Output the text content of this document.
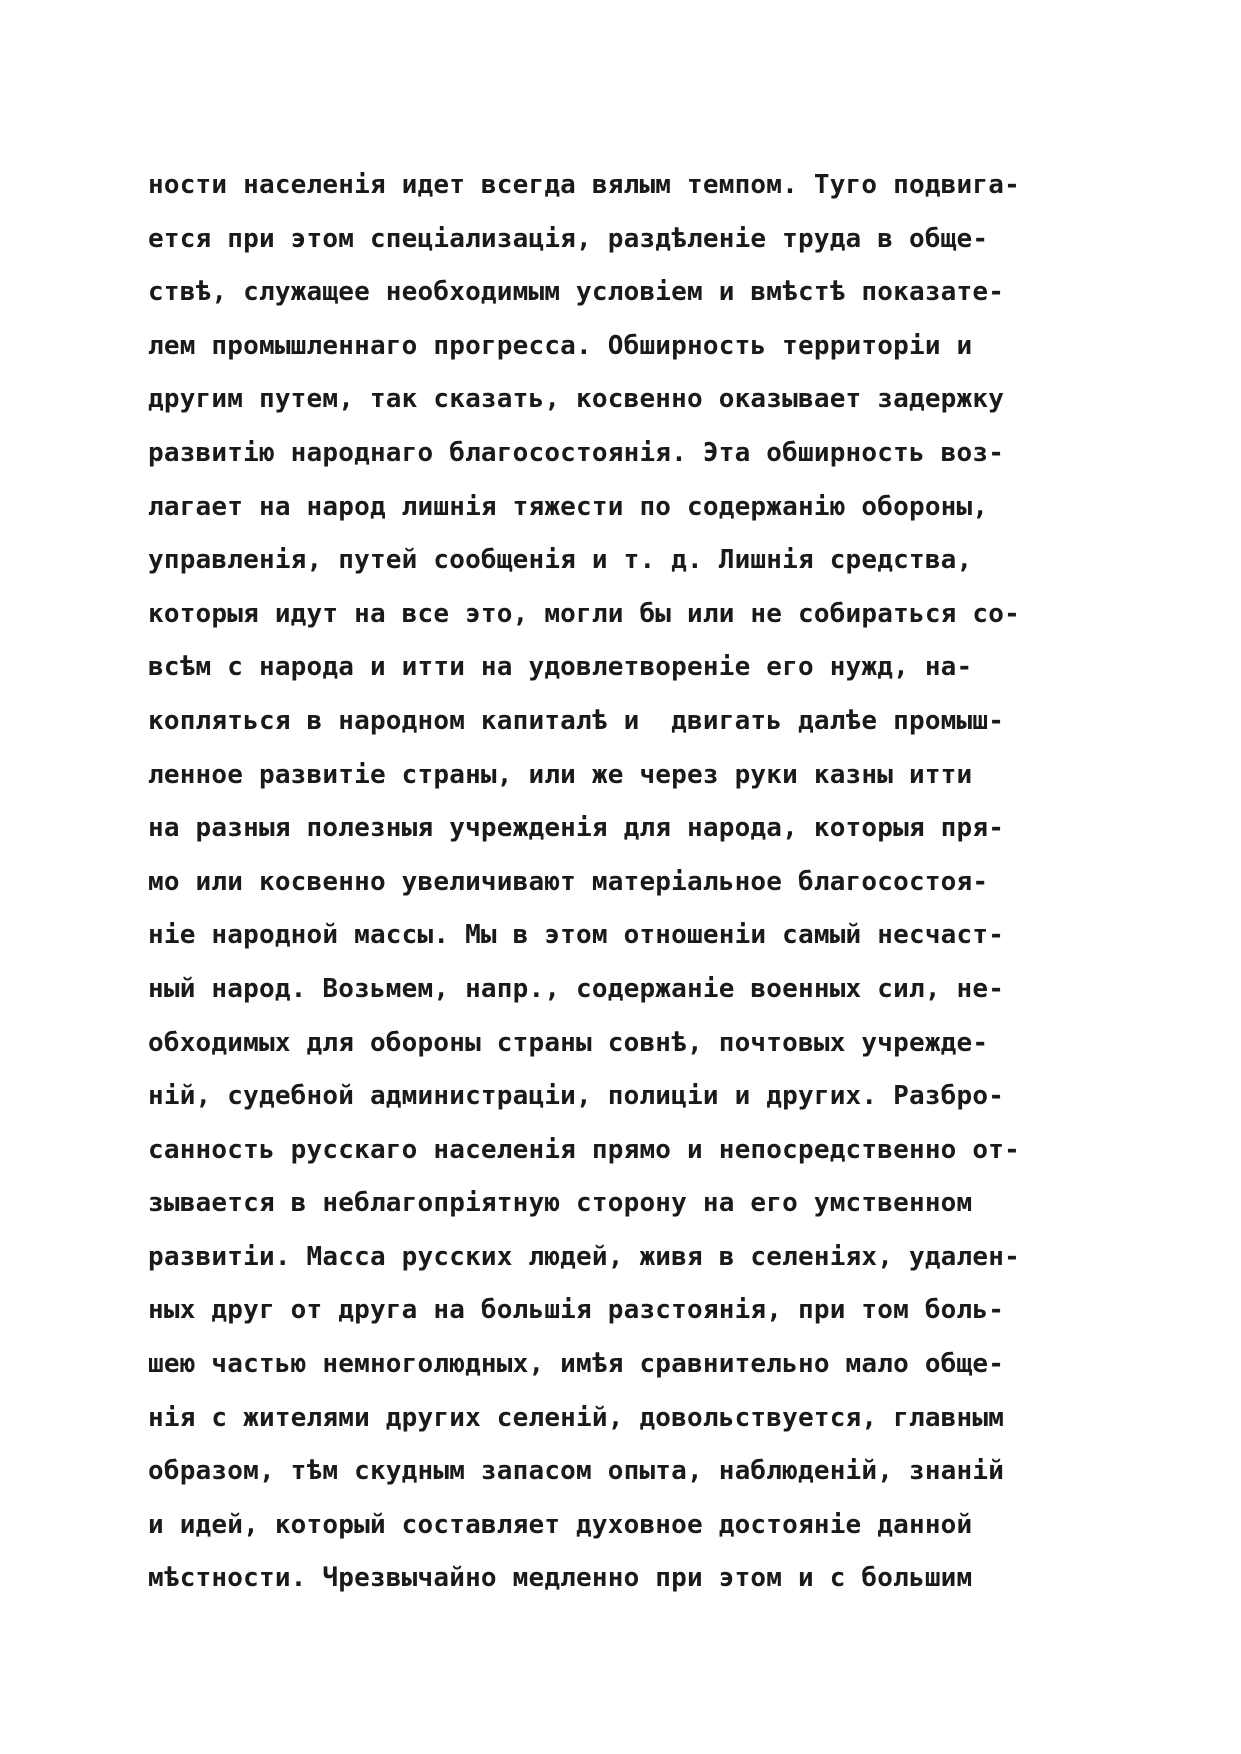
ности населенія идет всегда вялым темпом. Туго подвига-
ется при этом спеціализація, раздѣленіе труда в обще-
ствѣ, служащее необходимым условіем и вмѣстѣ показате-
лем промышленнаго прогресса. Обширность территоріи и
другим путем, так сказать, косвенно оказывает задержку
развитію народнаго благосостоянія. Эта обширность воз-
лагает на народ лишнія тяжести по содержанію обороны,
управленія, путей сообщенія и т. д. Лишнія средства,
которыя идут на все это, могли бы или не собираться со-
всѣм с народа и итти на удовлетвореніе его нужд, на-
копляться в народном капиталѣ и  двигать далѣе промыш-
ленное развитіе страны, или же через руки казны итти
на разныя полезныя учрежденія для народа, которыя пря-
мо или косвенно увеличивают матеріальное благосостоя-
ніе народной массы. Мы в этом отношеніи самый несчаст-
ный народ. Возьмем, напр., содержаніе военных сил, не-
обходимых для обороны страны совнѣ, почтовых учрежде-
ній, судебной администраціи, полиціи и других. Разбро-
санность русскаго населенія прямо и непосредственно от-
зывается в неблагопріятную сторону на его умственном
развитіи. Масса русских людей, живя в селеніях, удален-
ных друг от друга на большія разстоянія, при том боль-
шею частью немноголюдных, имѣя сравнительно мало обще-
нія с жителями других селеній, довольствуется, главным
образом, тѣм скудным запасом опыта, наблюденій, знаній
и идей, который составляет духовное достояніе данной
мѣстности. Чрезвычайно медленно при этом и с большим
